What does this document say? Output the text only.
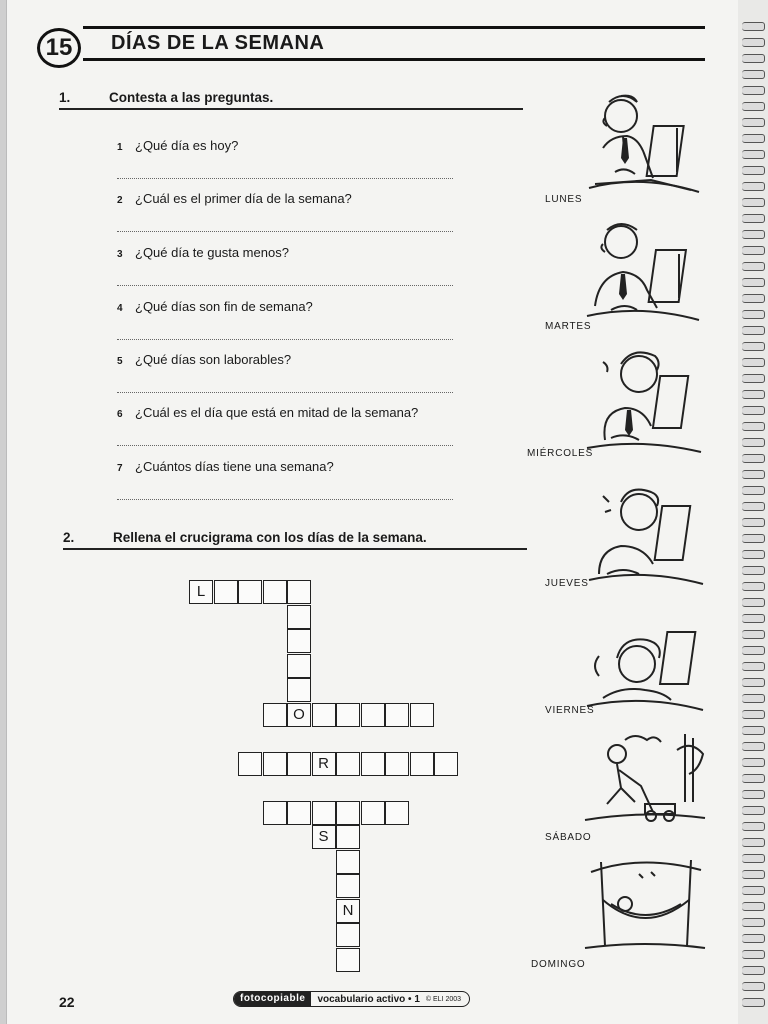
15	DÍAS DE LA SEMANA
1.	Contesta a las preguntas.
1 ¿Qué día es hoy?
2 ¿Cuál es el primer día de la semana?
3 ¿Qué día te gusta menos?
4 ¿Qué días son fin de semana?
5 ¿Qué días son laborables?
6 ¿Cuál es el día que está en mitad de la semana?
7 ¿Cuántos días tiene una semana?
2.	Rellena el crucigrama con los días de la semana.
L
O
R
N
S
LUNES
MARTES
MIÉRCOLES
JUEVES
VIERNES
SÁBADO
DOMINGO
22	fotocopiable	vocabulario activo • 1 © ELI 2003
